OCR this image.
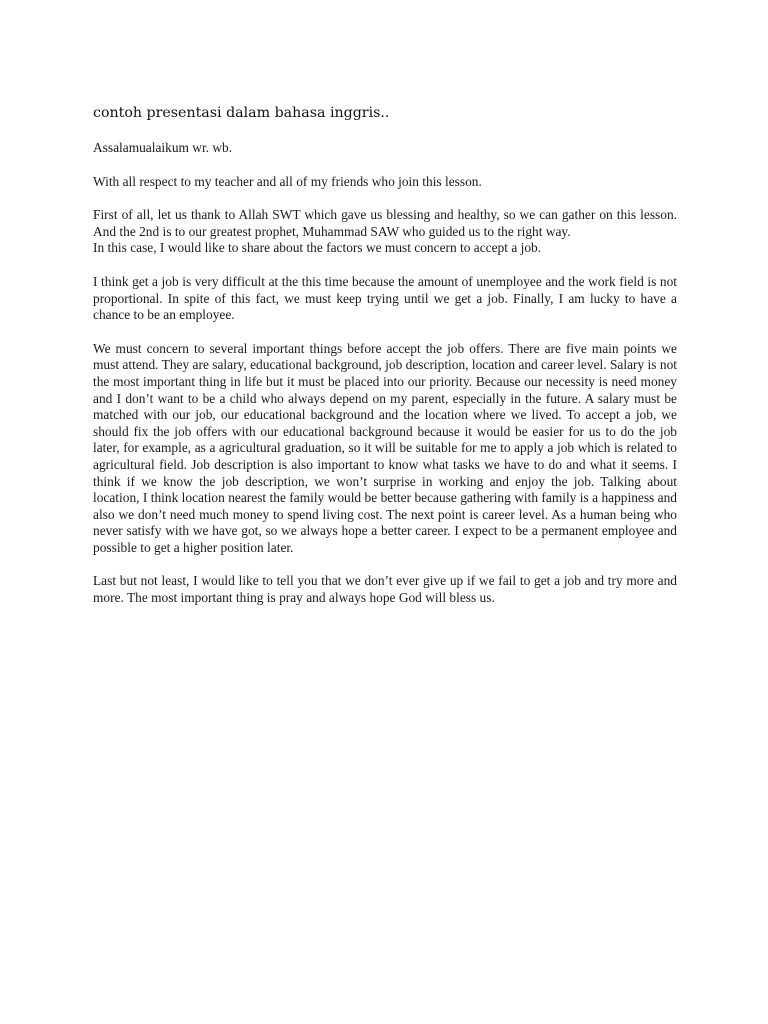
contoh presentasi dalam bahasa inggris..

Assalamualaikum wr. wb.

With all respect to my teacher and all of my friends who join this lesson.

First of all, let us thank to Allah SWT which gave us blessing and healthy, so we can gather on this lesson. And the 2nd is to our greatest prophet, Muhammad SAW who guided us to the right way.
In this case, I would like to share about the factors we must concern to accept a job.

I think get a job is very difficult at the this time because the amount of unemployee and the work field is not proportional. In spite of this fact, we must keep trying until we get a job. Finally, I am lucky to have a chance to be an employee.

We must concern to several important things before accept the job offers. There are five main points we must attend. They are salary, educational background, job description, location and career level. Salary is not the most important thing in life but it must be placed into our priority. Because our necessity is need money and I don’t want to be a child who always depend on my parent, especially in the future. A salary must be matched with our job, our educational background and the location where we lived. To accept a job, we should fix the job offers with our educational background because it would be easier for us to do the job later, for example, as a agricultural graduation, so it will be suitable for me to apply a job which is related to agricultural field. Job description is also important to know what tasks we have to do and what it seems. I think if we know the job description, we won’t surprise in working and enjoy the job. Talking about location, I think location nearest the family would be better because gathering with family is a happiness and also we don’t need much money to spend living cost. The next point is career level. As a human being who never satisfy with we have got, so we always hope a better career. I expect to be a permanent employee and possible to get a higher position later.

Last but not least, I would like to tell you that we don’t ever give up if we fail to get a job and try more and more. The most important thing is pray and always hope God will bless us.
